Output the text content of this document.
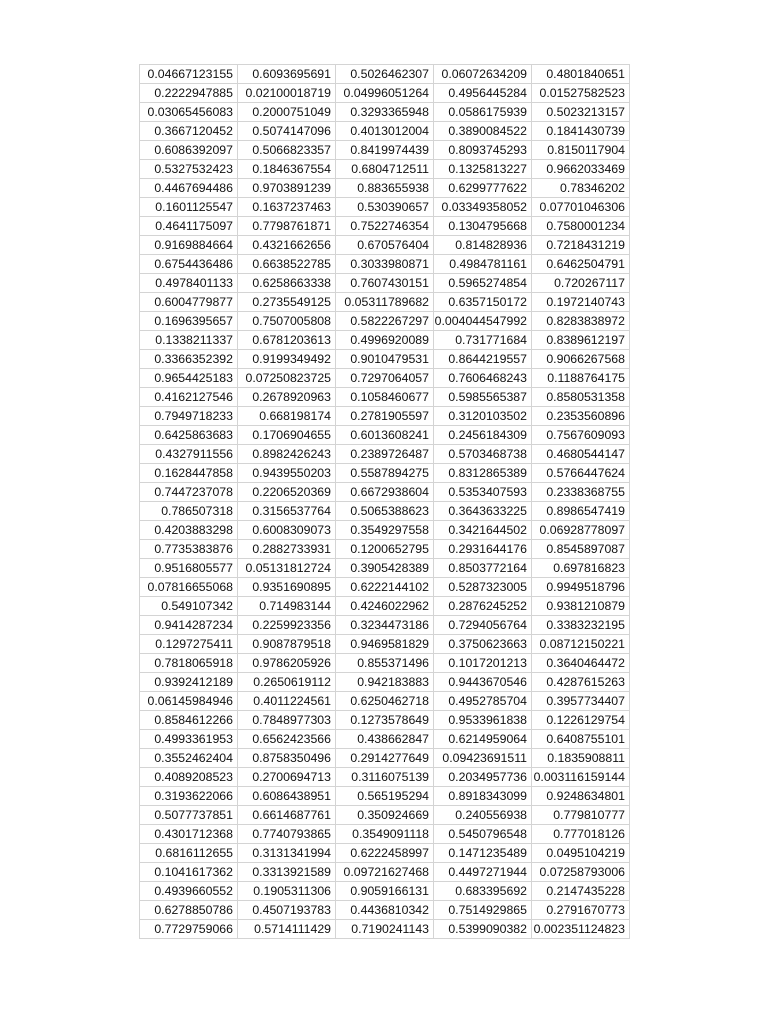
0.04667123155	0.6093695691	0.5026462307	0.06072634209	0.4801840651
0.2222947885	0.02100018719	0.04996051264	0.4956445284	0.01527582523
0.03065456083	0.2000751049	0.3293365948	0.0586175939	0.5023213157
0.3667120452	0.5074147096	0.4013012004	0.3890084522	0.1841430739
0.6086392097	0.5066823357	0.8419974439	0.8093745293	0.8150117904
0.5327532423	0.1846367554	0.6804712511	0.1325813227	0.9662033469
0.4467694486	0.9703891239	0.883655938	0.6299777622	0.78346202
0.1601125547	0.1637237463	0.530390657	0.03349358052	0.07701046306
0.4641175097	0.7798761871	0.7522746354	0.1304795668	0.7580001234
0.9169884664	0.4321662656	0.670576404	0.814828936	0.7218431219
0.6754436486	0.6638522785	0.3033980871	0.4984781161	0.6462504791
0.4978401133	0.6258663338	0.7607430151	0.5965274854	0.720267117
0.6004779877	0.2735549125	0.05311789682	0.6357150172	0.1972140743
0.1696395657	0.7507005808	0.5822267297	0.004044547992	0.8283838972
0.1338211337	0.6781203613	0.4996920089	0.731771684	0.8389612197
0.3366352392	0.9199349492	0.9010479531	0.8644219557	0.9066267568
0.9654425183	0.07250823725	0.7297064057	0.7606468243	0.1188764175
0.4162127546	0.2678920963	0.1058460677	0.5985565387	0.8580531358
0.7949718233	0.668198174	0.2781905597	0.3120103502	0.2353560896
0.6425863683	0.1706904655	0.6013608241	0.2456184309	0.7567609093
0.4327911556	0.8982426243	0.2389726487	0.5703468738	0.4680544147
0.1628447858	0.9439550203	0.5587894275	0.8312865389	0.5766447624
0.7447237078	0.2206520369	0.6672938604	0.5353407593	0.2338368755
0.786507318	0.3156537764	0.5065388623	0.3643633225	0.8986547419
0.4203883298	0.6008309073	0.3549297558	0.3421644502	0.06928778097
0.7735383876	0.2882733931	0.1200652795	0.2931644176	0.8545897087
0.9516805577	0.05131812724	0.3905428389	0.8503772164	0.697816823
0.07816655068	0.9351690895	0.6222144102	0.5287323005	0.9949518796
0.549107342	0.714983144	0.4246022962	0.2876245252	0.9381210879
0.9414287234	0.2259923356	0.3234473186	0.7294056764	0.3383232195
0.1297275411	0.9087879518	0.9469581829	0.3750623663	0.08712150221
0.7818065918	0.9786205926	0.855371496	0.1017201213	0.3640464472
0.9392412189	0.2650619112	0.942183883	0.9443670546	0.4287615263
0.06145984946	0.4011224561	0.6250462718	0.4952785704	0.3957734407
0.8584612266	0.7848977303	0.1273578649	0.9533961838	0.1226129754
0.4993361953	0.6562423566	0.438662847	0.6214959064	0.6408755101
0.3552462404	0.8758350496	0.2914277649	0.09423691511	0.1835908811
0.4089208523	0.2700694713	0.3116075139	0.2034957736	0.003116159144
0.3193622066	0.6086438951	0.565195294	0.8918343099	0.9248634801
0.5077737851	0.6614687761	0.350924669	0.240556938	0.779810777
0.4301712368	0.7740793865	0.3549091118	0.5450796548	0.777018126
0.6816112655	0.3131341994	0.6222458997	0.1471235489	0.0495104219
0.1041617362	0.3313921589	0.09721627468	0.4497271944	0.07258793006
0.4939660552	0.1905311306	0.9059166131	0.683395692	0.2147435228
0.6278850786	0.4507193783	0.4436810342	0.7514929865	0.2791670773
0.7729759066	0.5714111429	0.7190241143	0.5399090382	0.002351124823
